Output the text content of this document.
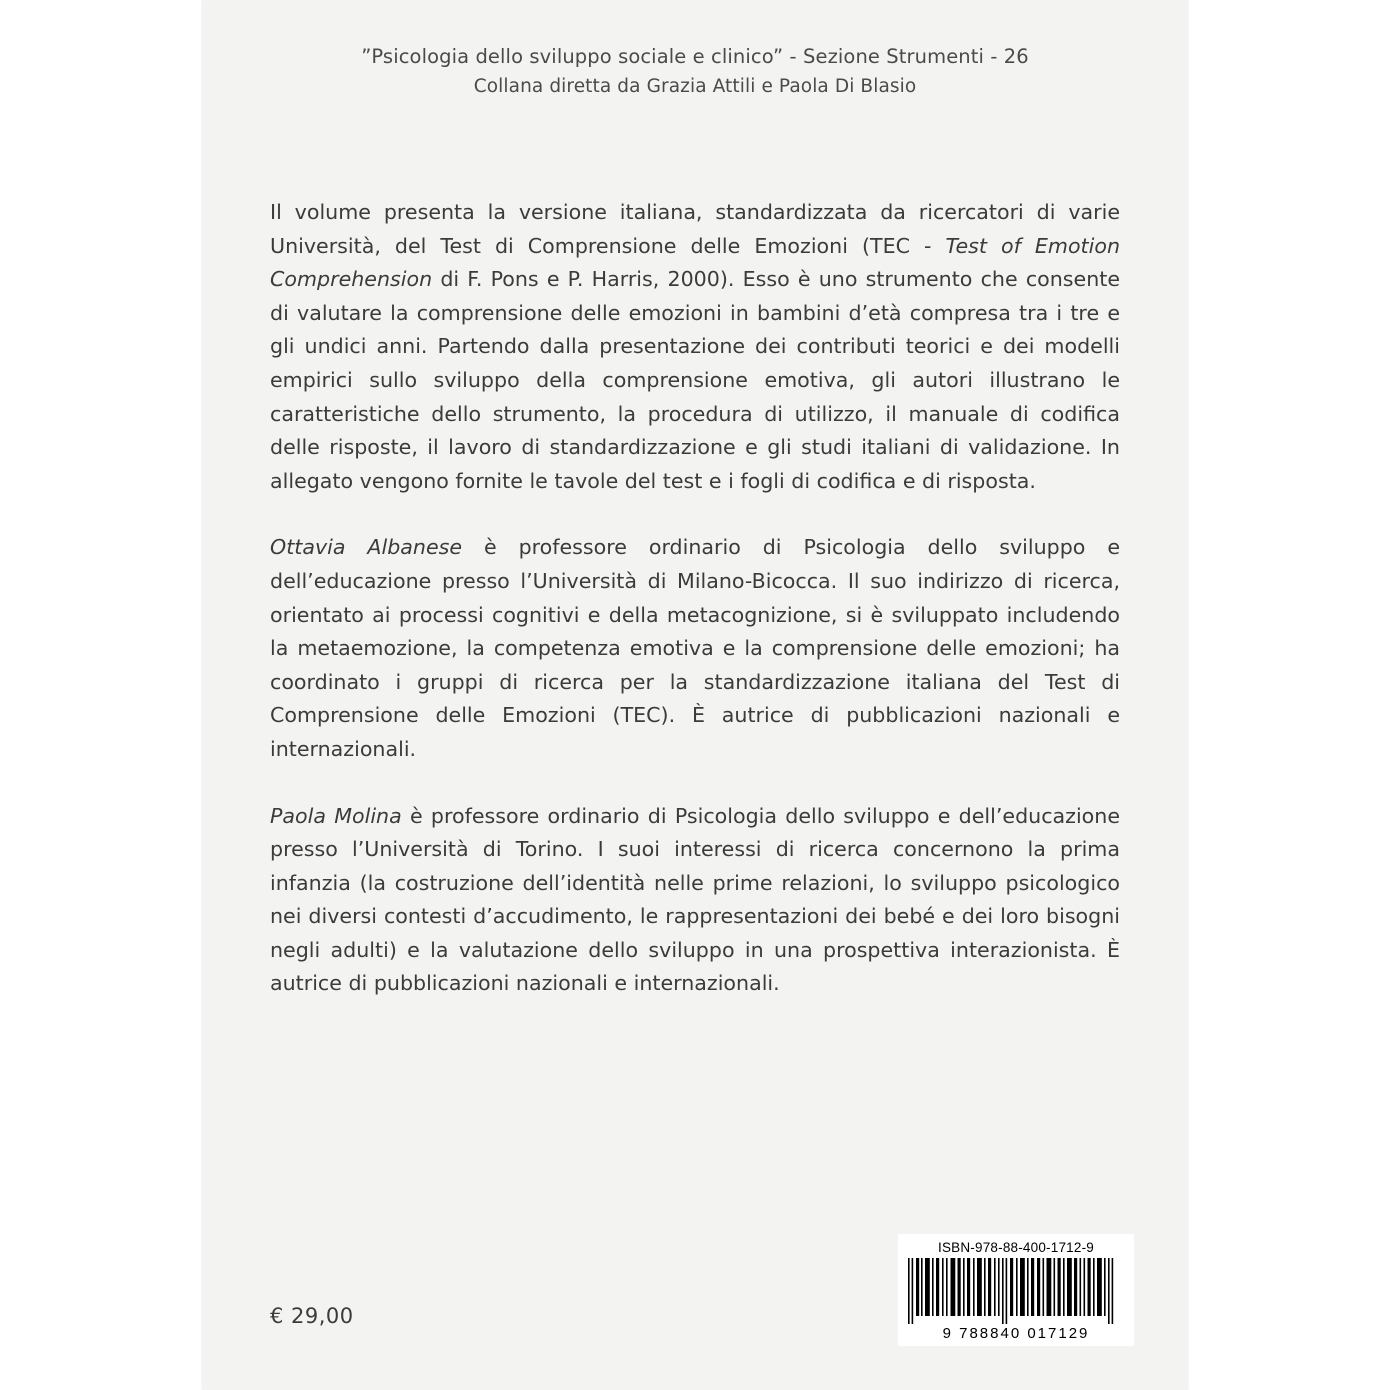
”Psicologia dello sviluppo sociale e clinico” - Sezione Strumenti - 26
Collana diretta da Grazia Attili e Paola Di Blasio

Il volume presenta la versione italiana, standardizzata da ricercatori di varie Università, del Test di Comprensione delle Emozioni (TEC - Test of Emotion Comprehension di F. Pons e P. Harris, 2000). Esso è uno strumento che consente di valutare la comprensione delle emozioni in bambini d’età compresa tra i tre e gli undici anni. Partendo dalla presentazione dei contributi teorici e dei modelli empirici sullo sviluppo della comprensione emotiva, gli autori illustrano le caratteristiche dello strumento, la procedura di utilizzo, il manuale di codifica delle risposte, il lavoro di standardizzazione e gli studi italiani di validazione. In allegato vengono fornite le tavole del test e i fogli di codifica e di risposta.

Ottavia Albanese è professore ordinario di Psicologia dello sviluppo e dell’educazione presso l’Università di Milano-Bicocca. Il suo indirizzo di ricerca, orientato ai processi cognitivi e della metacognizione, si è sviluppato includendo la metaemozione, la competenza emotiva e la comprensione delle emozioni; ha coordinato i gruppi di ricerca per la standardizzazione italiana del Test di Comprensione delle Emozioni (TEC). È autrice di pubblicazioni nazionali e internazionali.

Paola Molina è professore ordinario di Psicologia dello sviluppo e dell’educazione presso l’Università di Torino. I suoi interessi di ricerca concernono la prima infanzia (la costruzione dell’identità nelle prime relazioni, lo sviluppo psicologico nei diversi contesti d’accudimento, le rappresentazioni dei bebé e dei loro bisogni negli adulti) e la valutazione dello sviluppo in una prospettiva interazionista. È autrice di pubblicazioni nazionali e internazionali.

€ 29,00
ISBN-978-88-400-1712-9
9 788840 017129
